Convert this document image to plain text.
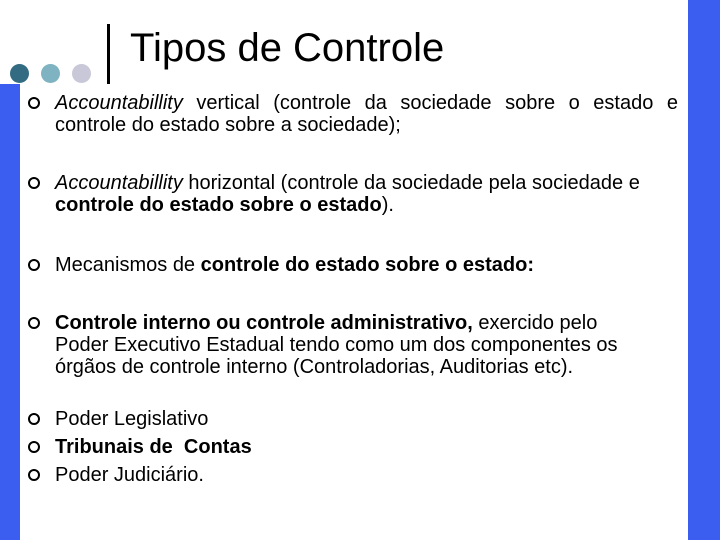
Tipos de Controle
Accountabillity vertical (controle da sociedade sobre o estado e controle do estado sobre a sociedade);
Accountabillity horizontal (controle da sociedade pela sociedade e controle do estado sobre o estado).
Mecanismos de controle do estado sobre o estado:
Controle interno ou controle administrativo, exercido pelo Poder Executivo Estadual tendo como um dos componentes os órgãos de controle interno (Controladorias, Auditorias etc).
Poder Legislativo
Tribunais de  Contas
Poder Judiciário.
